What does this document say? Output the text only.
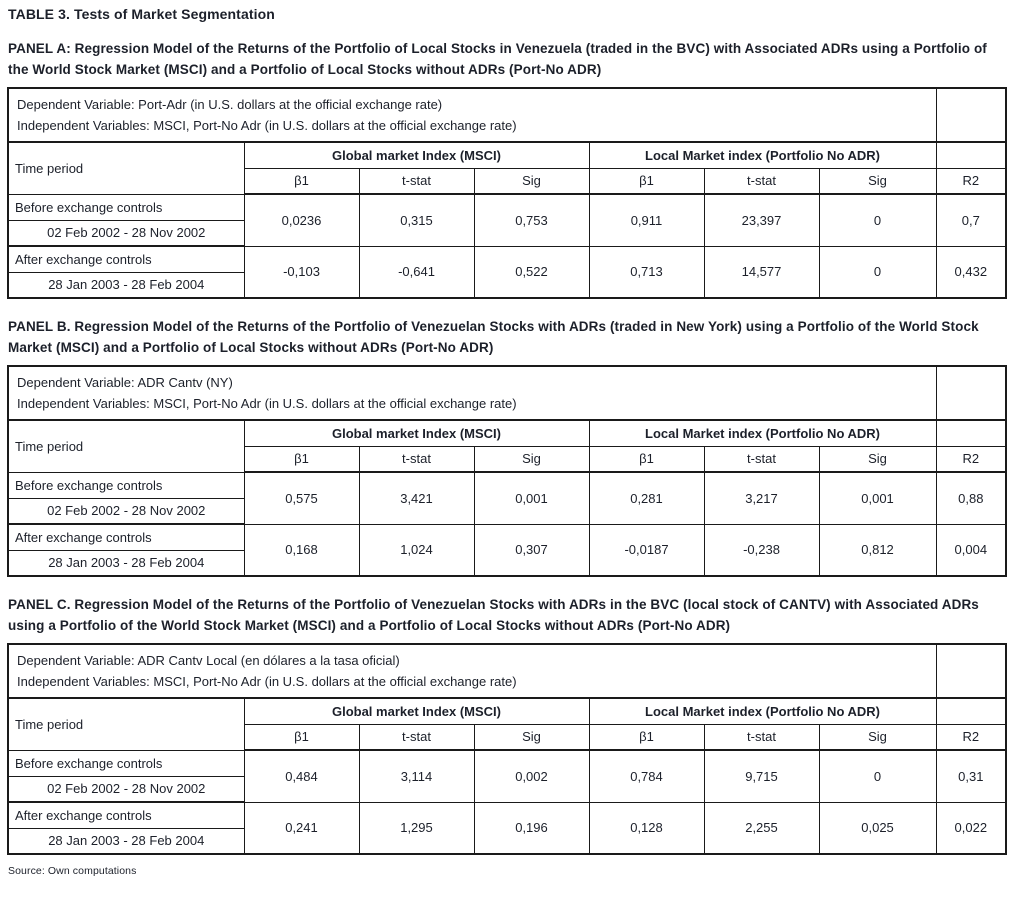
TABLE 3. Tests of Market Segmentation
PANEL A: Regression Model of the Returns of the Portfolio of Local Stocks in Venezuela (traded in the BVC) with Associated ADRs using a Portfolio of the World Stock Market (MSCI) and a Portfolio of Local Stocks without ADRs (Port-No ADR)
Dependent Variable: Port-Adr (in U.S. dollars at the official exchange rate)
Independent Variables: MSCI, Port-No Adr (in U.S. dollars at the official exchange rate)							

Time period	Global market Index (MSCI)			Local Market index (Portfolio No ADR)			
	β1	t-stat	Sig	β1	t-stat	Sig	R2
Before exchange controls	0,0236	0,315	0,753	0,911	23,397	0	0,7
02 Feb 2002 - 28 Nov 2002							
After exchange controls	-0,103	-0,641	0,522	0,713	14,577	0	0,432
28 Jan 2003 - 28 Feb 2004							
PANEL B. Regression Model of the Returns of the Portfolio of Venezuelan Stocks with ADRs (traded in New York) using a Portfolio of the World Stock Market (MSCI) and a Portfolio of Local Stocks without ADRs (Port-No ADR)
Dependent Variable: ADR Cantv (NY)
Independent Variables: MSCI, Port-No Adr (in U.S. dollars at the official exchange rate)							

Time period	Global market Index (MSCI)			Local Market index (Portfolio No ADR)			
	β1	t-stat	Sig	β1	t-stat	Sig	R2
Before exchange controls	0,575	3,421	0,001	0,281	3,217	0,001	0,88
02 Feb 2002 - 28 Nov 2002							
After exchange controls	0,168	1,024	0,307	-0,0187	-0,238	0,812	0,004
28 Jan 2003 - 28 Feb 2004							
PANEL C. Regression Model of the Returns of the Portfolio of Venezuelan Stocks with ADRs in the BVC (local stock of CANTV) with Associated ADRs using a Portfolio of the World Stock Market (MSCI) and a Portfolio of Local Stocks without ADRs (Port-No ADR)
Dependent Variable: ADR Cantv Local (en dólares a la tasa oficial)
Independent Variables: MSCI, Port-No Adr (in U.S. dollars at the official exchange rate)							

Time period	Global market Index (MSCI)			Local Market index (Portfolio No ADR)			
	β1	t-stat	Sig	β1	t-stat	Sig	R2
Before exchange controls	0,484	3,114	0,002	0,784	9,715	0	0,31
02 Feb 2002 - 28 Nov 2002							
After exchange controls	0,241	1,295	0,196	0,128	2,255	0,025	0,022
28 Jan 2003 - 28 Feb 2004							
Source: Own computations
